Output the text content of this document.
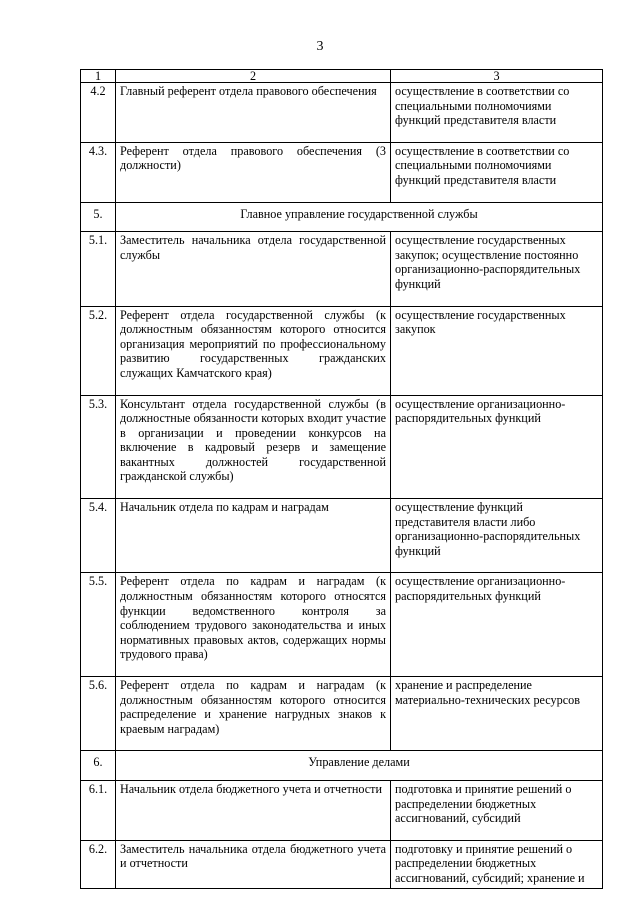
3
1	2	3
4.2	Главный референт отдела правового обеспечения	осуществление в соответствии со специальными полномочиями функций представителя власти
4.3.	Референт отдела правового обеспечения (3 должности)	осуществление в соответствии со специальными полномочиями функций представителя власти
5.	Главное управление государственной службы	
5.1.	Заместитель начальника отдела государственной службы	осуществление государственных закупок; осуществление постоянно организационно-распорядительных функций
5.2.	Референт отдела государственной службы (к должностным обязанностям которого относится организация мероприятий по профессиональному развитию государственных гражданских служащих Камчатского края)	осуществление государственных закупок
5.3.	Консультант отдела государственной службы (в должностные обязанности которых входит участие в организации и проведении конкурсов на включение в кадровый резерв и замещение вакантных должностей государственной гражданской службы)	осуществление организационно-распорядительных функций
5.4.	Начальник отдела по кадрам и наградам	осуществление функций представителя власти либо организационно-распорядительных функций
5.5.	Референт отдела по кадрам и наградам (к должностным обязанностям которого относятся функции ведомственного контроля за соблюдением трудового законодательства и иных нормативных правовых актов, содержащих нормы трудового права)	осуществление организационно-распорядительных функций
5.6.	Референт отдела по кадрам и наградам (к должностным обязанностям которого относится распределение и хранение нагрудных знаков к краевым наградам)	хранение и распределение материально-технических ресурсов
6.	Управление делами	
6.1.	Начальник отдела бюджетного учета и отчетности	подготовка и принятие решений о распределении бюджетных ассигнований, субсидий
6.2.	Заместитель начальника отдела бюджетного учета и отчетности	подготовку и принятие решений о распределении бюджетных ассигнований, субсидий; хранение и
